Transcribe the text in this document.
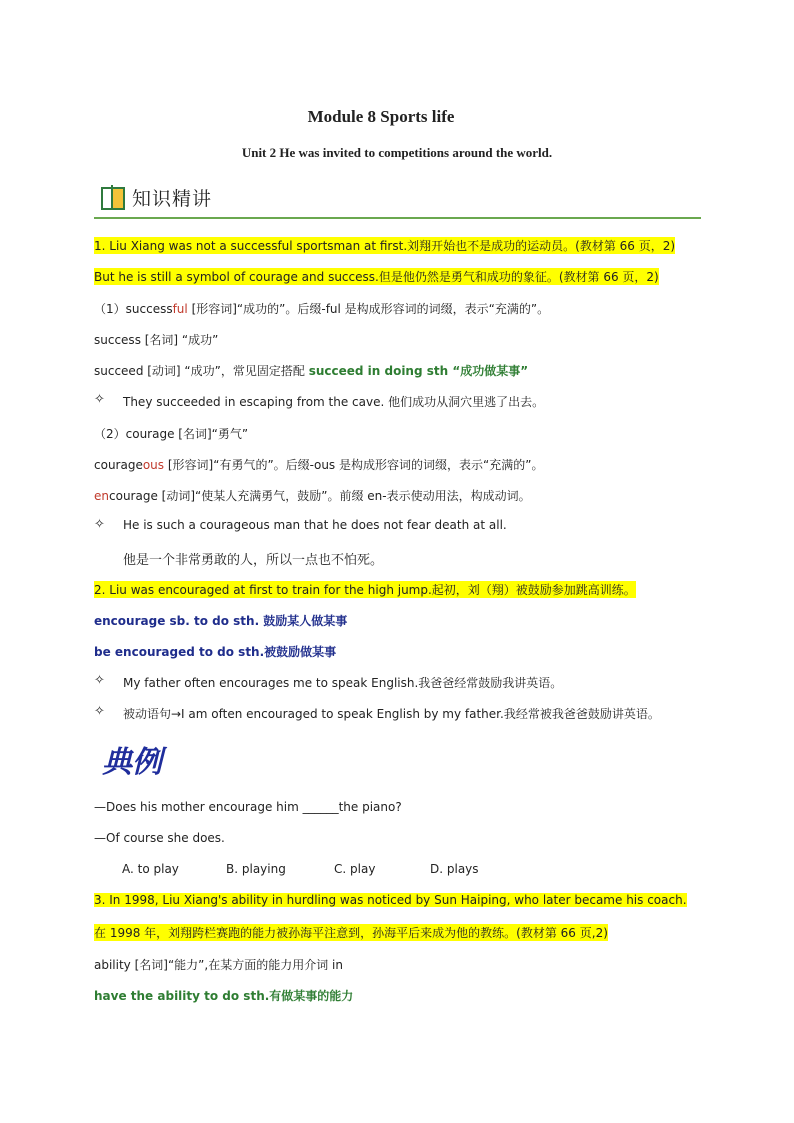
Module 8 Sports life
Unit 2 He was invited to competitions around the world.
知识精讲
1. Liu Xiang was not a successful sportsman at first.刘翔开始也不是成功的运动员。(教材第 66 页，2)
But he is still a symbol of courage and success.但是他仍然是勇气和成功的象征。(教材第 66 页，2)
（1）successful [形容词]“成功的”。后缀-ful 是构成形容词的词缀，表示“充满的”。
success [名词] “成功”
succeed [动词] “成功”，常见固定搭配 succeed in doing sth “成功做某事”
✧ They succeeded in escaping from the cave. 他们成功从洞穴里逃了出去。
（2）courage [名词]“勇气”
courageous [形容词]“有勇气的”。后缀-ous 是构成形容词的词缀，表示“充满的”。
encourage [动词]“使某人充满勇气，鼓励”。前缀 en-表示使动用法，构成动词。
✧ He is such a courageous man that he does not fear death at all.
他是一个非常勇敢的人，所以一点也不怕死。
2. Liu was encouraged at first to train for the high jump.起初，刘（翔）被鼓励参加跳高训练。
encourage sb. to do sth. 鼓励某人做某事
be encouraged to do sth.被鼓励做某事
✧ My father often encourages me to speak English.我爸爸经常鼓励我讲英语。
✧ 被动语句→I am often encouraged to speak English by my father.我经常被我爸爸鼓励讲英语。
典例
—Does his mother encourage him ______the piano?
—Of course she does.
A. to play	B. playing	C. play	D. plays
3. In 1998, Liu Xiang's ability in hurdling was noticed by Sun Haiping, who later became his coach.
在 1998 年，刘翔跨栏赛跑的能力被孙海平注意到，孙海平后来成为他的教练。(教材第 66 页,2)
ability [名词]“能力”,在某方面的能力用介词 in
have the ability to do sth.有做某事的能力
